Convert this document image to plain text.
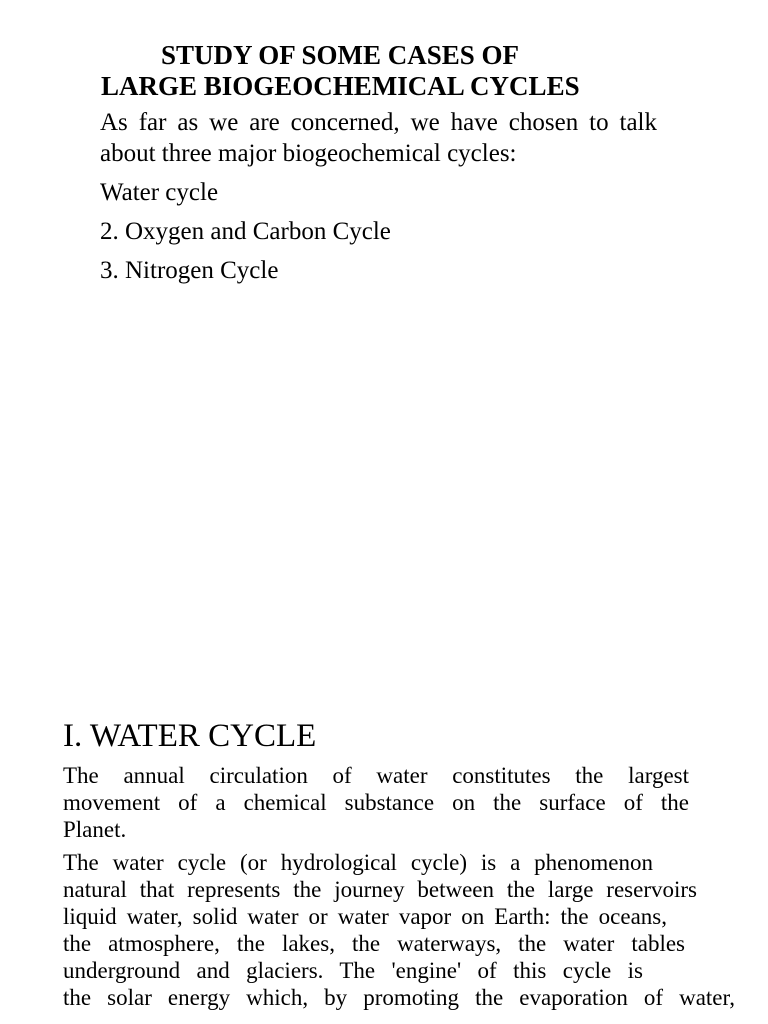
STUDY OF SOME CASES OF

LARGE BIOGEOCHEMICAL CYCLES

As far as we are concerned, we have chosen to talk about three major biogeochemical cycles:

Water cycle

2. Oxygen and Carbon Cycle

3. Nitrogen Cycle

I. WATER CYCLE
The annual circulation of water constitutes the largest
movement of a chemical substance on the surface of the
Planet.
The water cycle (or hydrological cycle) is a phenomenon
natural that represents the journey between the large reservoirs
liquid water, solid water or water vapor on Earth: the oceans,
the atmosphere, the lakes, the waterways, the water tables
underground and glaciers. The 'engine' of this cycle is
the solar energy which, by promoting the evaporation of water,
